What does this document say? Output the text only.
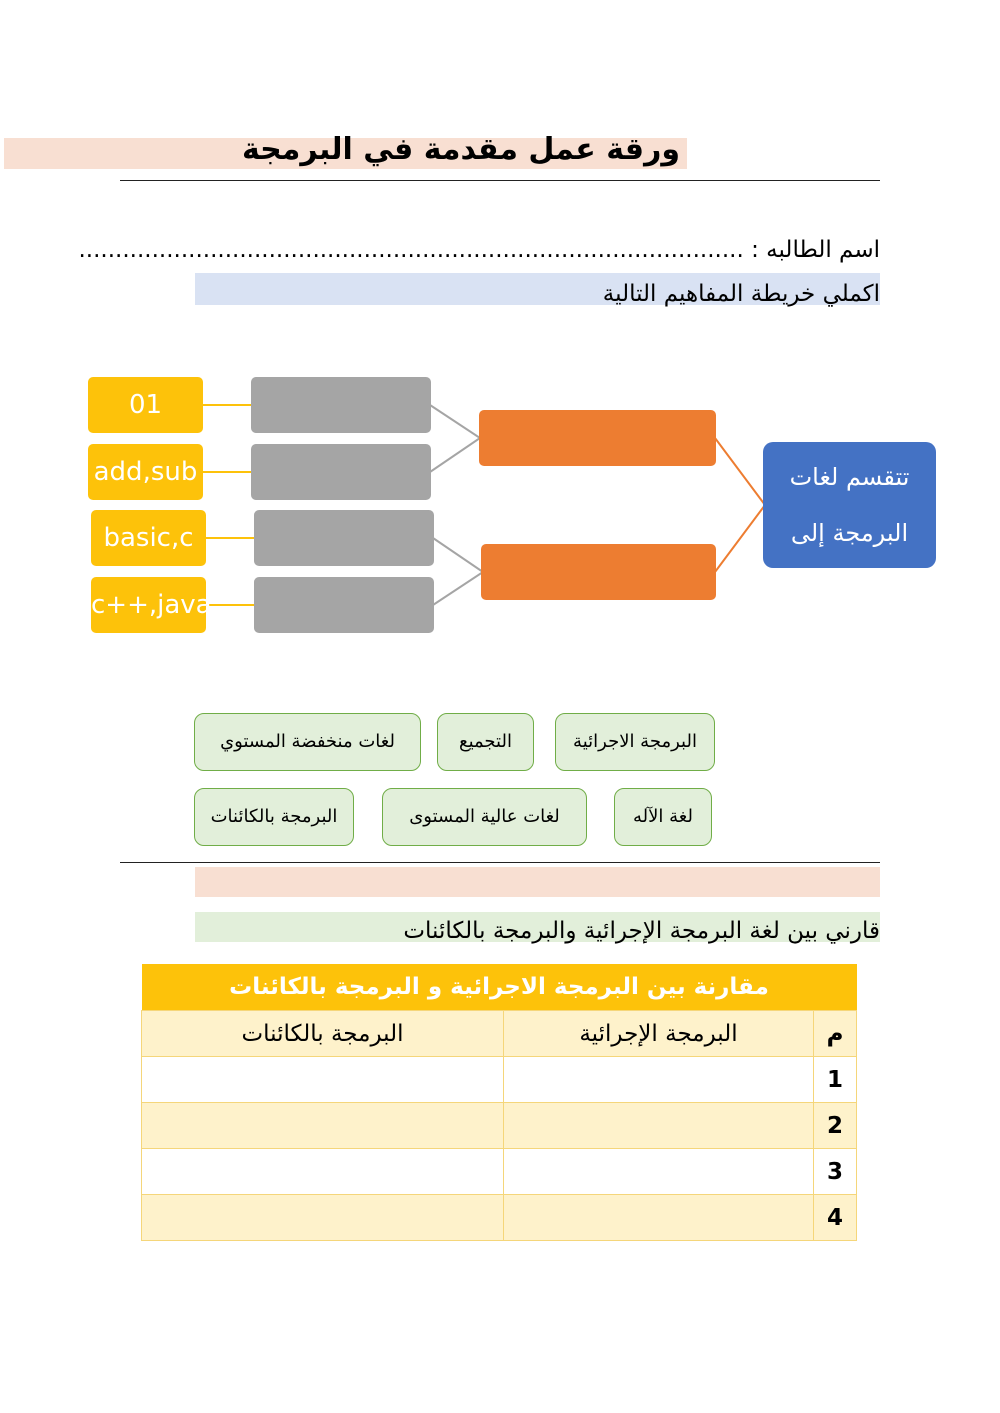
ورقة عمل مقدمة في البرمجة
اسم الطالبه : ...........................................................................................
اكملي خريطة المفاهيم التالية
01
add,sub
basic,c
c++,java
تتقسم لغات
البرمجة إلى
البرمجة الاجرائية
التجميع
لغات منخفضة المستوي
لغة الآله
لغات عالية المستوى
البرمجة بالكائنات
قارني بين لغة البرمجة الإجرائية والبرمجة بالكائنات
مقارنة بين البرمجة الاجرائية و البرمجة بالكائنات		
م	البرمجة الإجرائية	البرمجة بالكائنات
1		
2		
3		
4		
